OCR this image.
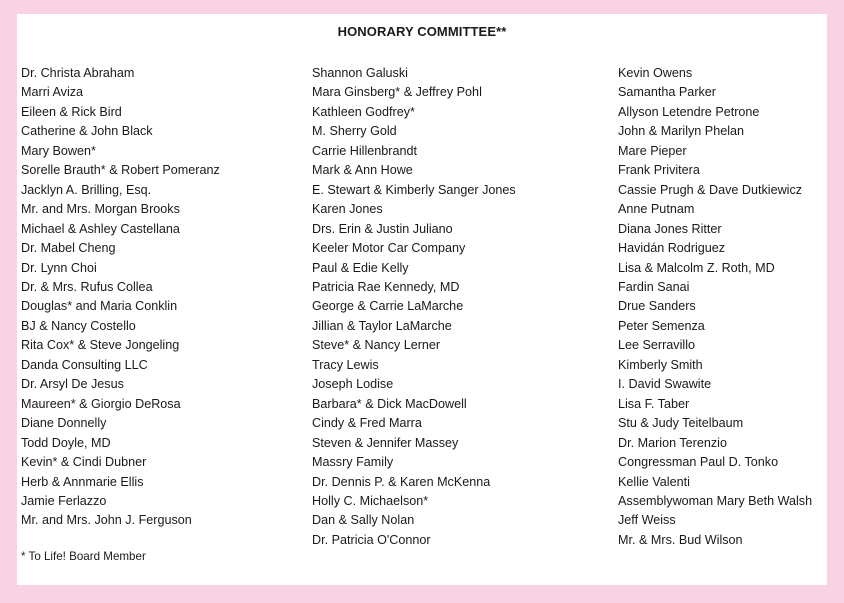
HONORARY COMMITTEE**
Dr. Christa Abraham
Marri Aviza
Eileen & Rick Bird
Catherine & John Black
Mary Bowen*
Sorelle Brauth* & Robert Pomeranz
Jacklyn A. Brilling, Esq.
Mr. and Mrs. Morgan Brooks
Michael & Ashley Castellana
Dr. Mabel Cheng
Dr. Lynn Choi
Dr. & Mrs. Rufus Collea
Douglas* and Maria Conklin
BJ & Nancy Costello
Rita Cox* & Steve Jongeling
Danda Consulting LLC
Dr. Arsyl De Jesus
Maureen* & Giorgio DeRosa
Diane Donnelly
Todd Doyle, MD
Kevin* & Cindi Dubner
Herb & Annmarie Ellis
Jamie Ferlazzo
Mr. and Mrs. John J. Ferguson
Shannon Galuski
Mara Ginsberg* & Jeffrey Pohl
Kathleen Godfrey*
M. Sherry Gold
Carrie Hillenbrandt
Mark & Ann Howe
E. Stewart & Kimberly Sanger Jones
Karen Jones
Drs. Erin & Justin Juliano
Keeler Motor Car Company
Paul & Edie Kelly
Patricia Rae Kennedy, MD
George & Carrie LaMarche
Jillian & Taylor LaMarche
Steve* & Nancy Lerner
Tracy Lewis
Joseph Lodise
Barbara* & Dick MacDowell
Cindy & Fred Marra
Steven & Jennifer Massey
Massry Family
Dr. Dennis P. & Karen McKenna
Holly C. Michaelson*
Dan & Sally Nolan
Dr. Patricia O'Connor
Kevin Owens
Samantha Parker
Allyson Letendre Petrone
John & Marilyn Phelan
Mare Pieper
Frank Privitera
Cassie Prugh & Dave Dutkiewicz
Anne Putnam
Diana Jones Ritter
Havidán Rodriguez
Lisa & Malcolm Z. Roth, MD
Fardin Sanai
Drue Sanders
Peter Semenza
Lee Serravillo
Kimberly Smith
I. David Swawite
Lisa F. Taber
Stu & Judy Teitelbaum
Dr. Marion Terenzio
Congressman Paul D. Tonko
Kellie Valenti
Assemblywoman Mary Beth Walsh
Jeff Weiss
Mr. & Mrs. Bud Wilson
* To Life! Board Member
